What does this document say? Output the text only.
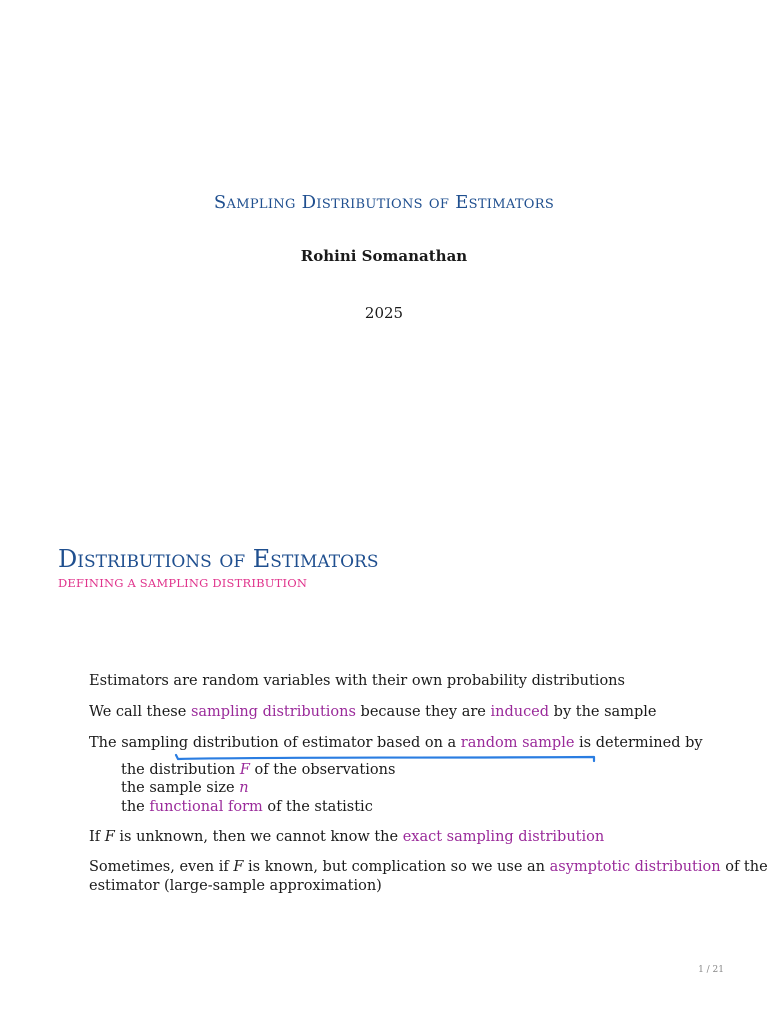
Sampling Distributions of Estimators
Rohini Somanathan
2025
Distributions of Estimators
DEFINING A SAMPLING DISTRIBUTION
Estimators are random variables with their own probability distributions
We call these sampling distributions because they are induced by the sample
The sampling distribution of estimator based on a random sample is determined by
the distribution F of the observations
the sample size n
the functional form of the statistic
If F is unknown, then we cannot know the exact sampling distribution
Sometimes, even if F is known, but complication so we use an asymptotic distribution of the
estimator (large-sample approximation)
1 / 21
